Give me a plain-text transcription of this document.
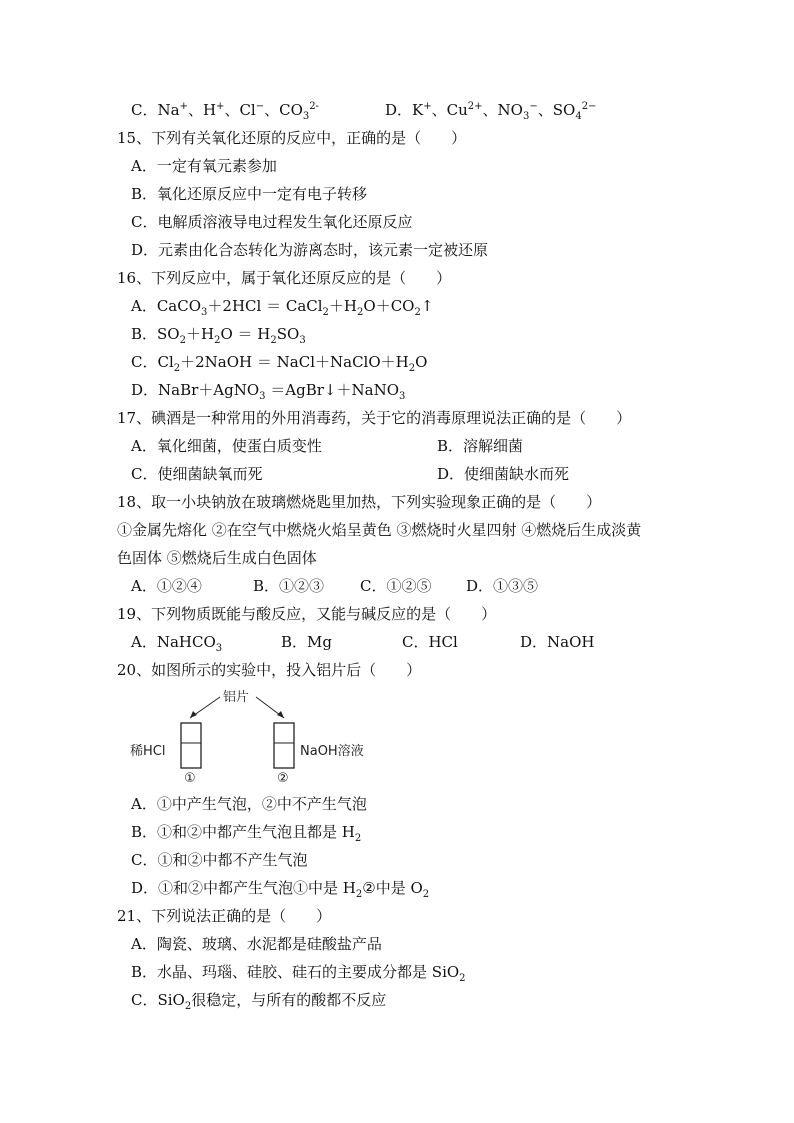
C．Na+、H+、Cl−、$CO_3^{2-}$	D．K+、$Cu^{2+}$、$NO_3^-$、$SO_4^{2-}$
15、下列有关氧化还原的反应中，正确的是（　　）
A．一定有氧元素参加
B．氧化还原反应中一定有电子转移
C．电解质溶液导电过程发生氧化还原反应
D．元素由化合态转化为游离态时，该元素一定被还原
16、下列反应中，属于氧化还原反应的是（　　）
A．CaCO$_3$＋2HCl ＝ $CaCl_2+H_2O+CO_2↑$
B．$SO_2+H_2O = H_2SO_3$
C．$Cl_2+2NaOH$ ＝ $NaCl+NaClO+H_2O$
D．NaBr＋AgNO$_3$ ＝AgBr↓＋NaNO$_3$
17、碘酒是一种常用的外用消毒药，关于它的消毒原理说法正确的是（　　）
A．氧化细菌，使蛋白质变性	B．溶解细菌
C．使细菌缺氧而死	D．使细菌缺水而死
18、取一小块钠放在玻璃燃烧匙里加热，下列实验现象正确的是（　　）
①金属先熔化 ②在空气中燃烧火焰呈黄色 ③燃烧时火星四射 ④燃烧后生成淡黄
色固体 ⑤燃烧后生成白色固体
A．①②④	B．①②③ C．①②⑤ D．①③⑤
19、下列物质既能与酸反应，又能与碱反应的是（　　）
A．NaHCO$_3$	B．Mg	C．HCl	D．NaOH
20、如图所示的实验中，投入铝片后（　　）
铝片
稀HCl	NaOH溶液
①	②
A．①中产生气泡，②中不产生气泡
B．①和②中都产生气泡且都是 $H_2$
C．①和②中都不产生气泡
D．①和②中都产生气泡①中是 $H_2②$中是 $O_2$
21、下列说法正确的是（　　）
A．陶瓷、玻璃、水泥都是硅酸盐产品
B．水晶、玛瑙、硅胶、硅石的主要成分都是 SiO$_2$
C．SiO$_2$很稳定，与所有的酸都不反应
